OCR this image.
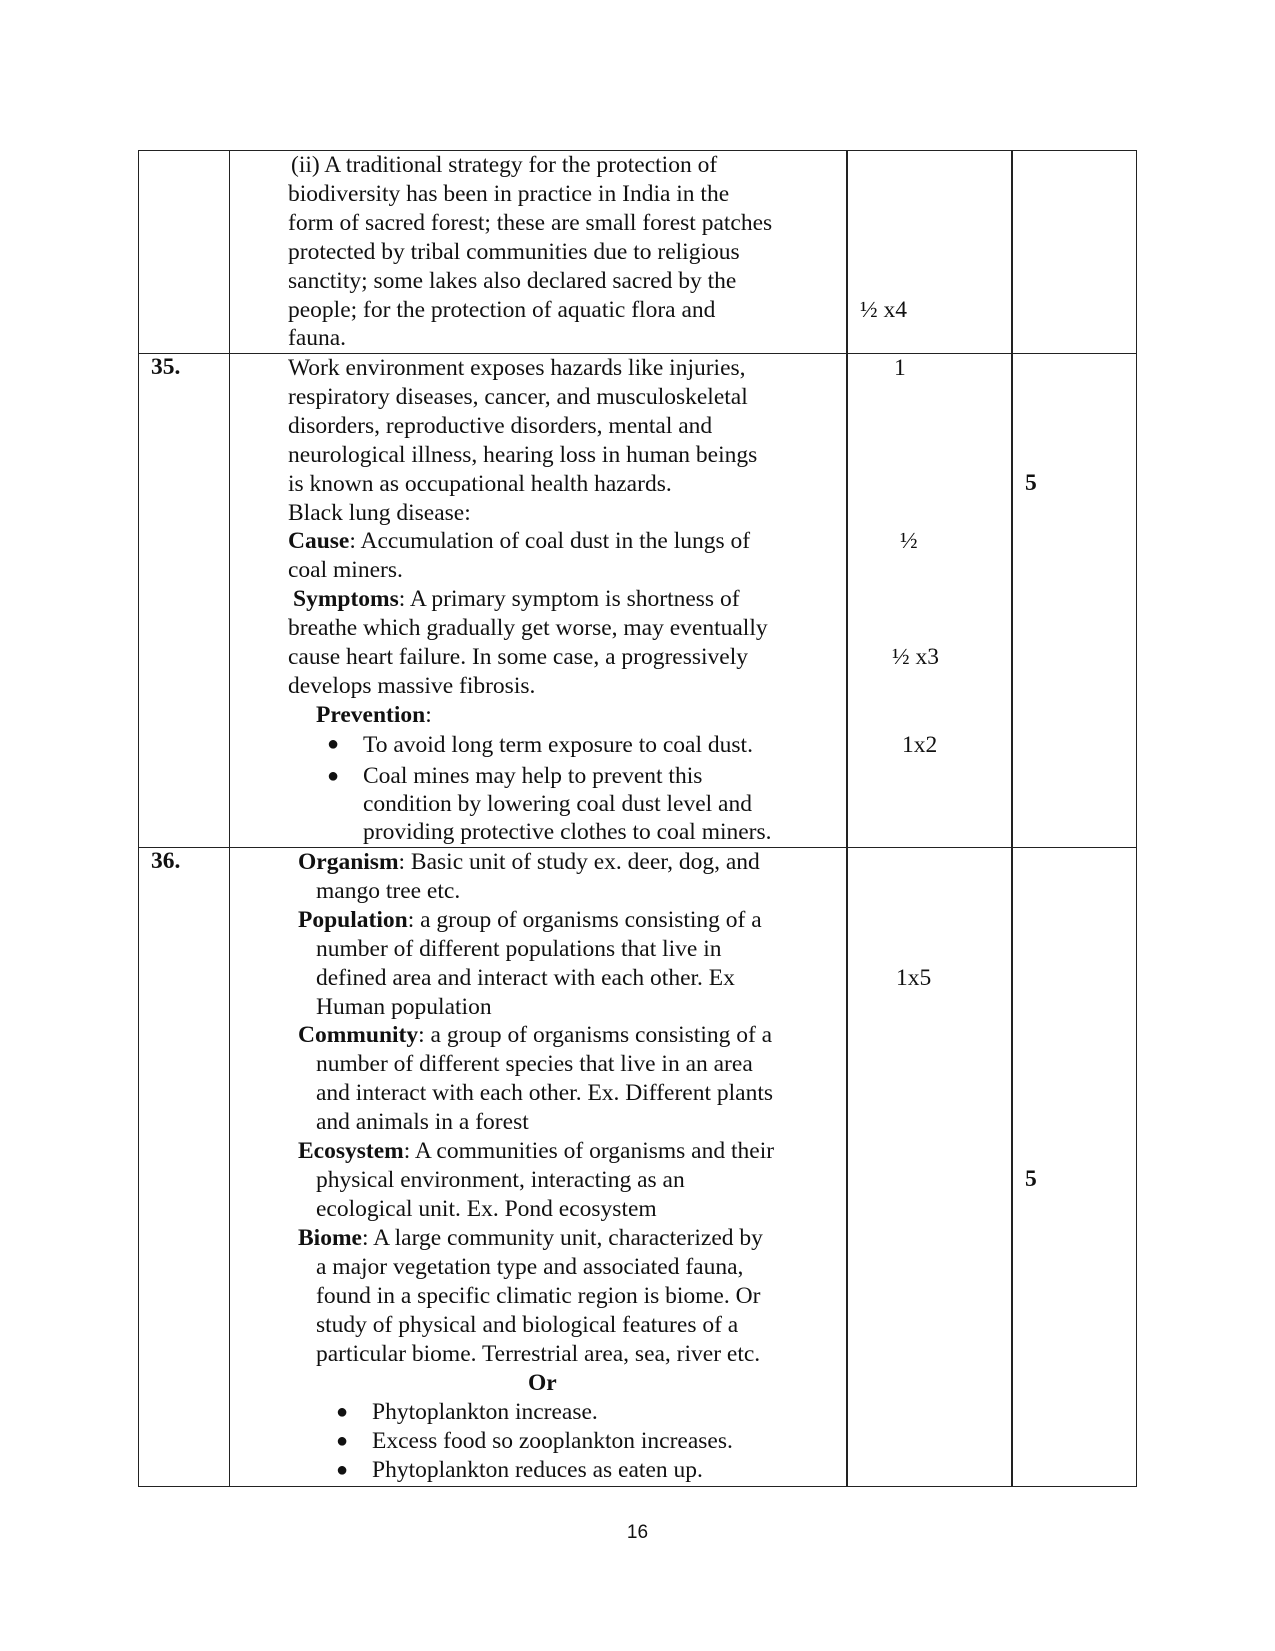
(ii) A traditional strategy for the protection of
biodiversity has been in practice in India in the
form of sacred forest; these are small forest patches
protected by tribal communities due to religious
sanctity; some lakes also declared sacred by the
people; for the protection of aquatic flora and
fauna.
½ x4
35.	Work environment exposes hazards like injuries,
respiratory diseases, cancer, and musculoskeletal
disorders, reproductive disorders, mental and
neurological illness, hearing loss in human beings
is known as occupational health hazards.
Black lung disease:
Cause: Accumulation of coal dust in the lungs of
coal miners.
Symptoms: A primary symptom is shortness of
breathe which gradually get worse, may eventually
cause heart failure. In some case, a progressively
develops massive fibrosis.
Prevention:
● To avoid long term exposure to coal dust.
● Coal mines may help to prevent this
condition by lowering coal dust level and
providing protective clothes to coal miners.
1
½
½ x3
1x2
5
36.	Organism: Basic unit of study ex. deer, dog, and
mango tree etc.
Population: a group of organisms consisting of a
number of different populations that live in
defined area and interact with each other. Ex
Human population
Community: a group of organisms consisting of a
number of different species that live in an area
and interact with each other. Ex. Different plants
and animals in a forest
Ecosystem: A communities of organisms and their
physical environment, interacting as an
ecological unit. Ex. Pond ecosystem
Biome: A large community unit, characterized by
a major vegetation type and associated fauna,
found in a specific climatic region is biome. Or
study of physical and biological features of a
particular biome. Terrestrial area, sea, river etc.
Or
● Phytoplankton increase.
● Excess food so zooplankton increases.
● Phytoplankton reduces as eaten up.
1x5
5
16
